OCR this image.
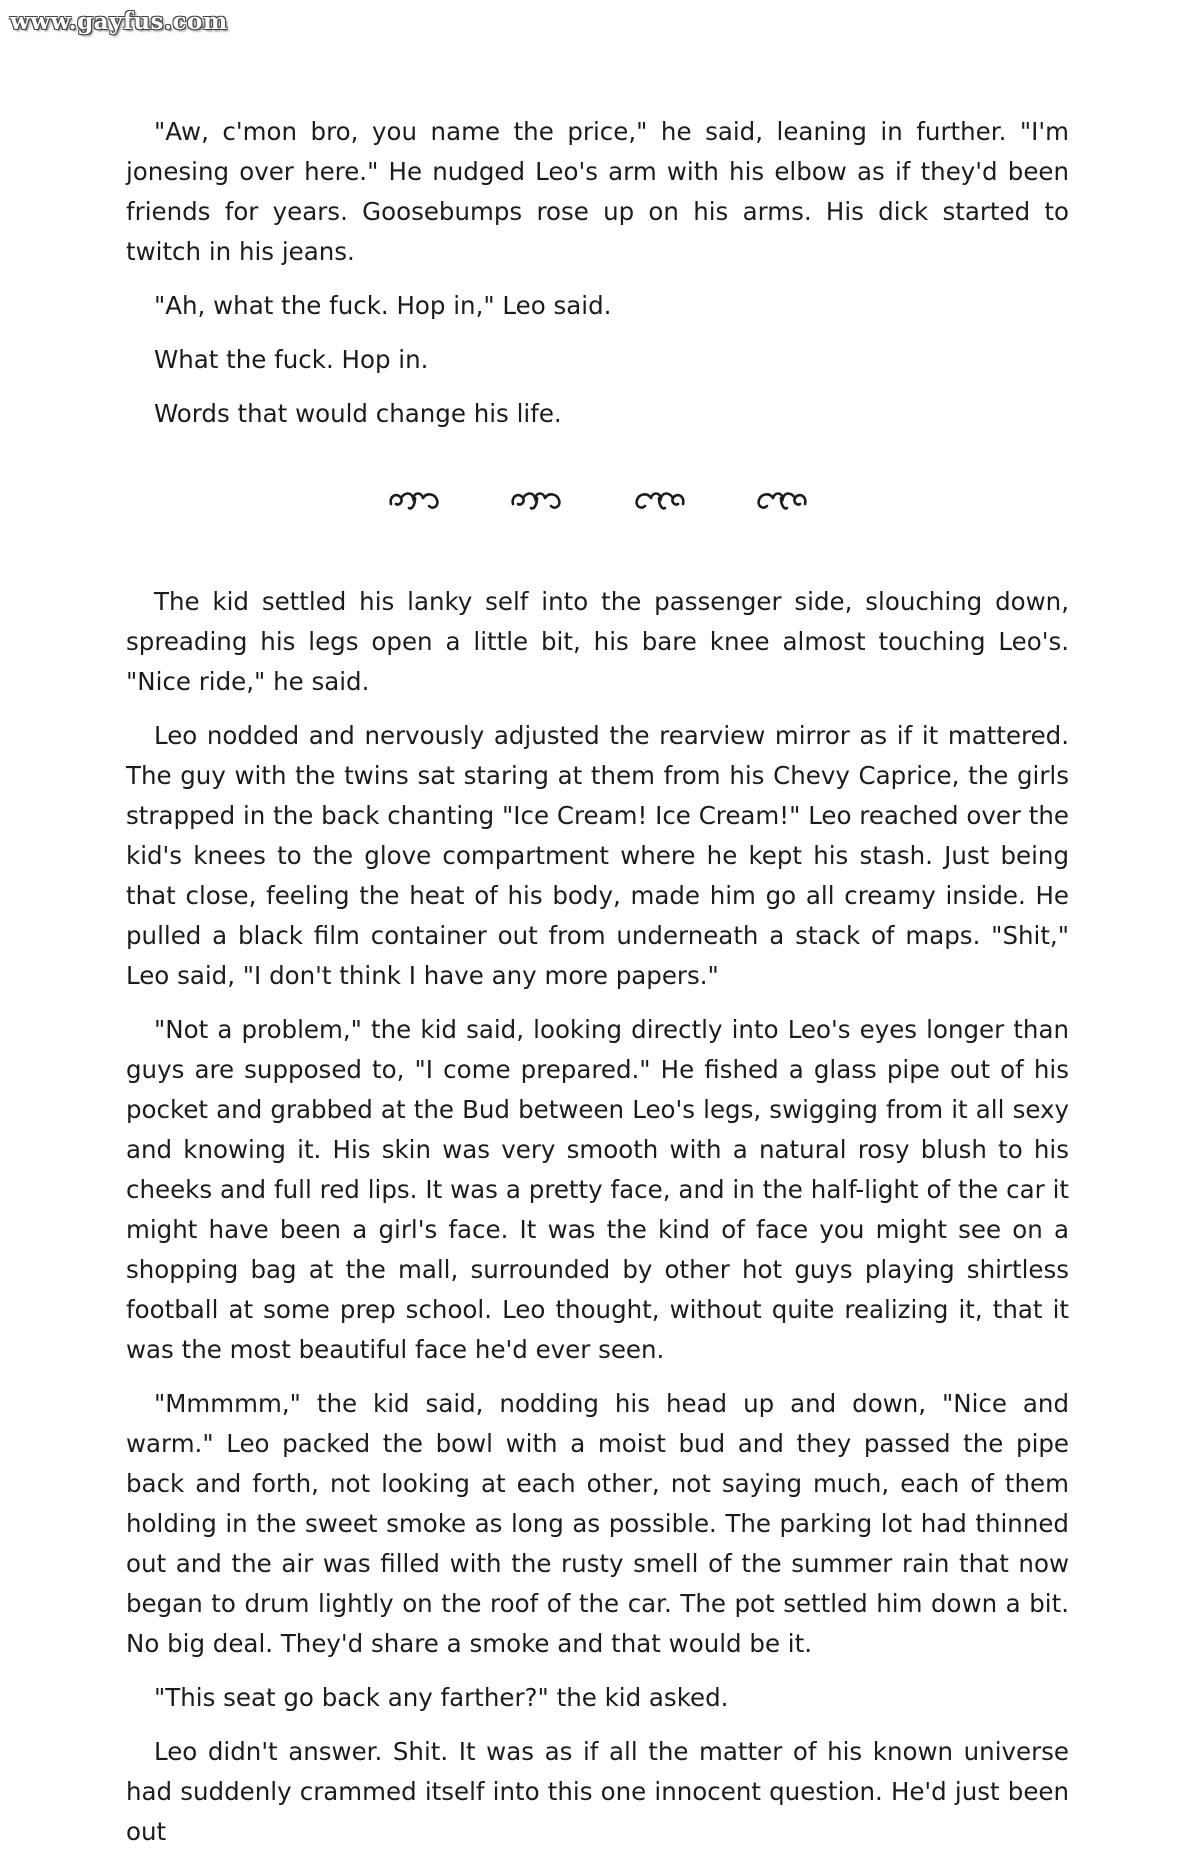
www.gayfus.com

"Aw, c'mon bro, you name the price," he said, leaning in further. "I'm jonesing over here." He nudged Leo's arm with his elbow as if they'd been friends for years. Goosebumps rose up on his arms. His dick started to twitch in his jeans.

"Ah, what the fuck. Hop in," Leo said.

What the fuck. Hop in.

Words that would change his life.

The kid settled his lanky self into the passenger side, slouching down, spreading his legs open a little bit, his bare knee almost touching Leo's. "Nice ride," he said.

Leo nodded and nervously adjusted the rearview mirror as if it mattered. The guy with the twins sat staring at them from his Chevy Caprice, the girls strapped in the back chanting "Ice Cream! Ice Cream!" Leo reached over the kid's knees to the glove compartment where he kept his stash. Just being that close, feeling the heat of his body, made him go all creamy inside. He pulled a black film container out from underneath a stack of maps. "Shit," Leo said, "I don't think I have any more papers."

"Not a problem," the kid said, looking directly into Leo's eyes longer than guys are supposed to, "I come prepared." He fished a glass pipe out of his pocket and grabbed at the Bud between Leo's legs, swigging from it all sexy and knowing it. His skin was very smooth with a natural rosy blush to his cheeks and full red lips. It was a pretty face, and in the half-light of the car it might have been a girl's face. It was the kind of face you might see on a shopping bag at the mall, surrounded by other hot guys playing shirtless football at some prep school. Leo thought, without quite realizing it, that it was the most beautiful face he'd ever seen.

"Mmmmm," the kid said, nodding his head up and down, "Nice and warm." Leo packed the bowl with a moist bud and they passed the pipe back and forth, not looking at each other, not saying much, each of them holding in the sweet smoke as long as possible. The parking lot had thinned out and the air was filled with the rusty smell of the summer rain that now began to drum lightly on the roof of the car. The pot settled him down a bit. No big deal. They'd share a smoke and that would be it.

"This seat go back any farther?" the kid asked.

Leo didn't answer. Shit. It was as if all the matter of his known universe had suddenly crammed itself into this one innocent question. He'd just been out
